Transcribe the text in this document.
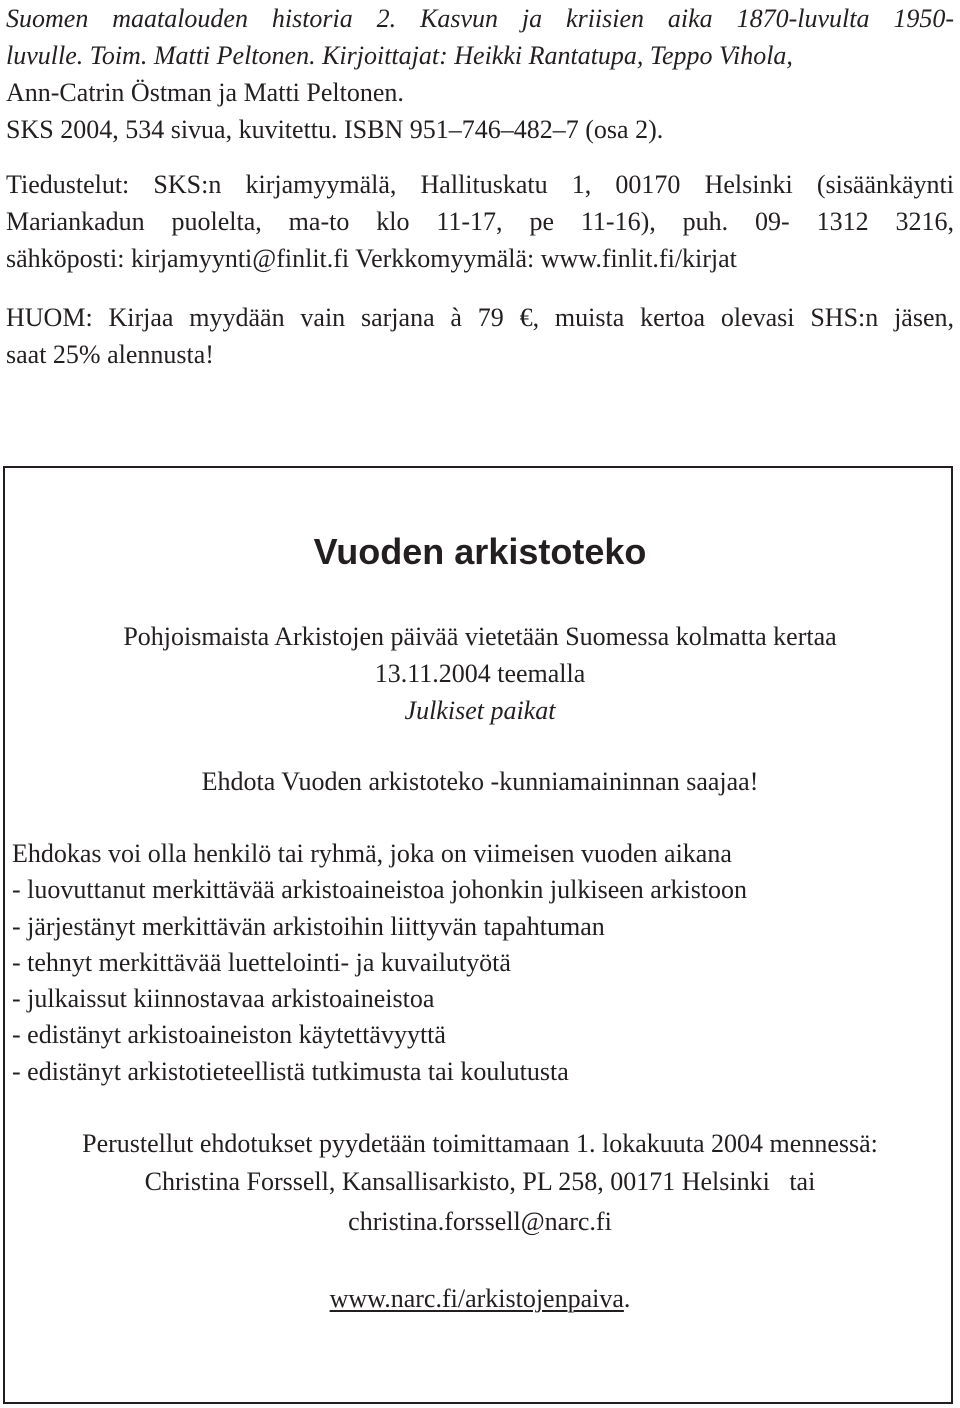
Suomen maatalouden historia 2. Kasvun ja kriisien aika 1870-luvulta 1950-
luvulle. Toim. Matti Peltonen. Kirjoittajat: Heikki Rantatupa, Teppo Vihola,
Ann-Catrin Östman ja Matti Peltonen.
SKS 2004, 534 sivua, kuvitettu. ISBN 951–746–482–7 (osa 2).
Tiedustelut: SKS:n kirjamyymälä, Hallituskatu 1, 00170 Helsinki (sisäänkäynti
Mariankadun puolelta, ma-to klo 11-17, pe 11-16), puh. 09- 1312 3216,
sähköposti: kirjamyynti@finlit.fi Verkkomyymälä: www.finlit.fi/kirjat
HUOM: Kirjaa myydään vain sarjana à 79 €, muista kertoa olevasi SHS:n jäsen,
saat 25% alennusta!
Vuoden arkistoteko
Pohjoismaista Arkistojen päivää vietetään Suomessa kolmatta kertaa
13.11.2004 teemalla
Julkiset paikat
Ehdota Vuoden arkistoteko -kunniamaininnan saajaa!
Ehdokas voi olla henkilö tai ryhmä, joka on viimeisen vuoden aikana
- luovuttanut merkittävää arkistoaineistoa johonkin julkiseen arkistoon
- järjestänyt merkittävän arkistoihin liittyvän tapahtuman
- tehnyt merkittävää luettelointi- ja kuvailutyötä
- julkaissut kiinnostavaa arkistoaineistoa
- edistänyt arkistoaineiston käytettävyyttä
- edistänyt arkistotieteellistä tutkimusta tai koulutusta
Perustellut ehdotukset pyydetään toimittamaan 1. lokakuuta 2004 mennessä:
Christina Forssell, Kansallisarkisto, PL 258, 00171 Helsinki   tai
christina.forssell@narc.fi
www.narc.fi/arkistojenpaiva.
